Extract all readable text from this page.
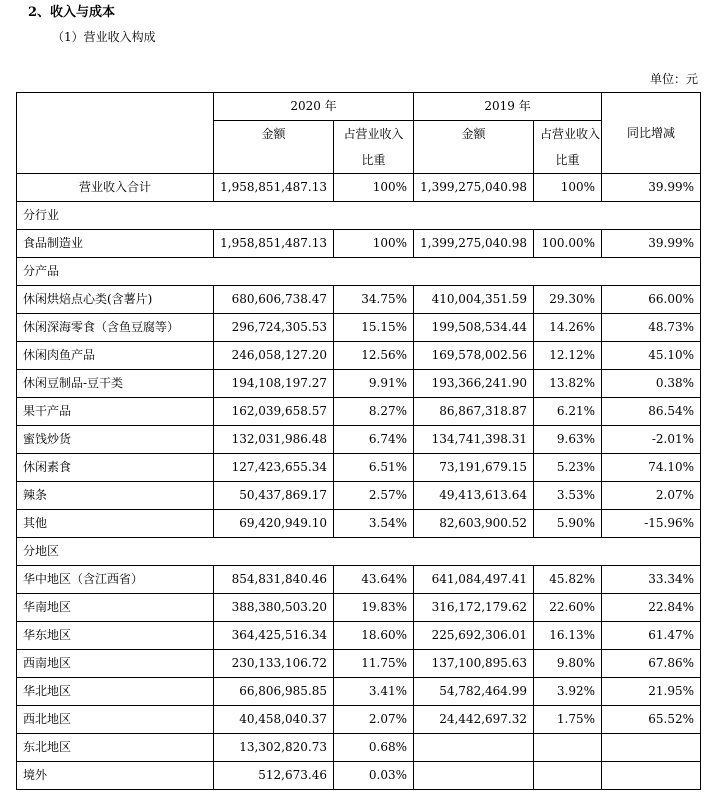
2、收入与成本
（1）营业收入构成
单位：元
	2020 年		2019 年		同比增减

	金额	占营业收入
比重	金额	占营业收入
比重	

营业收入合计	1,958,851,487.13	100%	1,399,275,040.98	100%	39.99%
分行业					
食品制造业	1,958,851,487.13	100%	1,399,275,040.98	100.00%	39.99%
分产品					
休闲烘焙点心类(含薯片)	680,606,738.47	34.75%	410,004,351.59	29.30%	66.00%
休闲深海零食（含鱼豆腐等）	296,724,305.53	15.15%	199,508,534.44	14.26%	48.73%
休闲肉鱼产品	246,058,127.20	12.56%	169,578,002.56	12.12%	45.10%
休闲豆制品-豆干类	194,108,197.27	9.91%	193,366,241.90	13.82%	0.38%
果干产品	162,039,658.57	8.27%	86,867,318.87	6.21%	86.54%
蜜饯炒货	132,031,986.48	6.74%	134,741,398.31	9.63%	-2.01%
休闲素食	127,423,655.34	6.51%	73,191,679.15	5.23%	74.10%
辣条	50,437,869.17	2.57%	49,413,613.64	3.53%	2.07%
其他	69,420,949.10	3.54%	82,603,900.52	5.90%	-15.96%
分地区					
华中地区（含江西省）	854,831,840.46	43.64%	641,084,497.41	45.82%	33.34%
华南地区	388,380,503.20	19.83%	316,172,179.62	22.60%	22.84%
华东地区	364,425,516.34	18.60%	225,692,306.01	16.13%	61.47%
西南地区	230,133,106.72	11.75%	137,100,895.63	9.80%	67.86%
华北地区	66,806,985.85	3.41%	54,782,464.99	3.92%	21.95%
西北地区	40,458,040.37	2.07%	24,442,697.32	1.75%	65.52%
东北地区	13,302,820.73	0.68%			
境外	512,673.46	0.03%			
